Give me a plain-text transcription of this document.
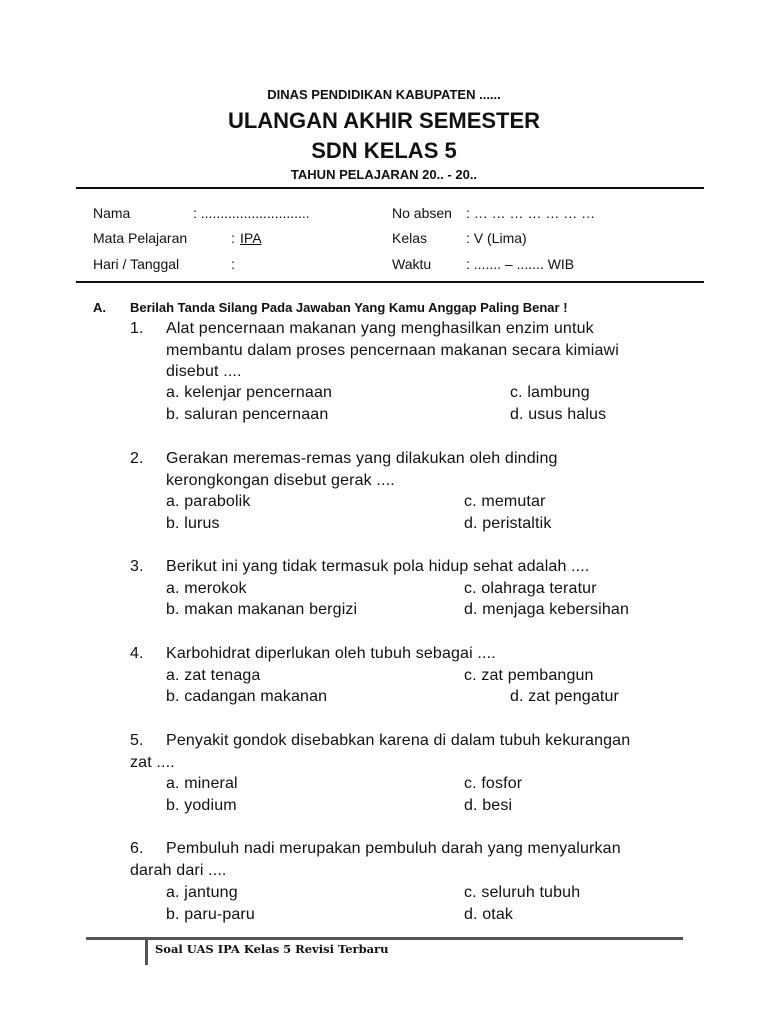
DINAS PENDIDIKAN KABUPATEN ......
ULANGAN AKHIR SEMESTER
SDN KELAS 5
TAHUN PELAJARAN 20.. - 20..
Nama	: ............................	No absen : … … … … … … …
Mata Pelajaran	: IPA	Kelas	: V (Lima)
Hari / Tanggal	:	Waktu : ....... – ....... WIB
A. Berilah Tanda Silang Pada Jawaban Yang Kamu Anggap Paling Benar !
1. Alat pencernaan makanan yang menghasilkan enzim untuk
membantu dalam proses pencernaan makanan secara kimiawi
disebut ....
a. kelenjar pencernaan	c. lambung
b. saluran pencernaan	d. usus halus
2. Gerakan meremas-remas yang dilakukan oleh dinding
kerongkongan disebut gerak ....
a. parabolik	c. memutar
b. lurus	d. peristaltik
3. Berikut ini yang tidak termasuk pola hidup sehat adalah ....
a. merokok	c. olahraga teratur
b. makan makanan bergizi	d. menjaga kebersihan
4. Karbohidrat diperlukan oleh tubuh sebagai ....
a. zat tenaga	c. zat pembangun
b. cadangan makanan	d. zat pengatur
5. Penyakit gondok disebabkan karena di dalam tubuh kekurangan
zat ....
a. mineral	c. fosfor
b. yodium	d. besi
6. Pembuluh nadi merupakan pembuluh darah yang menyalurkan
darah dari ....
a. jantung	c. seluruh tubuh
b. paru-paru	d. otak
Soal UAS IPA Kelas 5 Revisi Terbaru
